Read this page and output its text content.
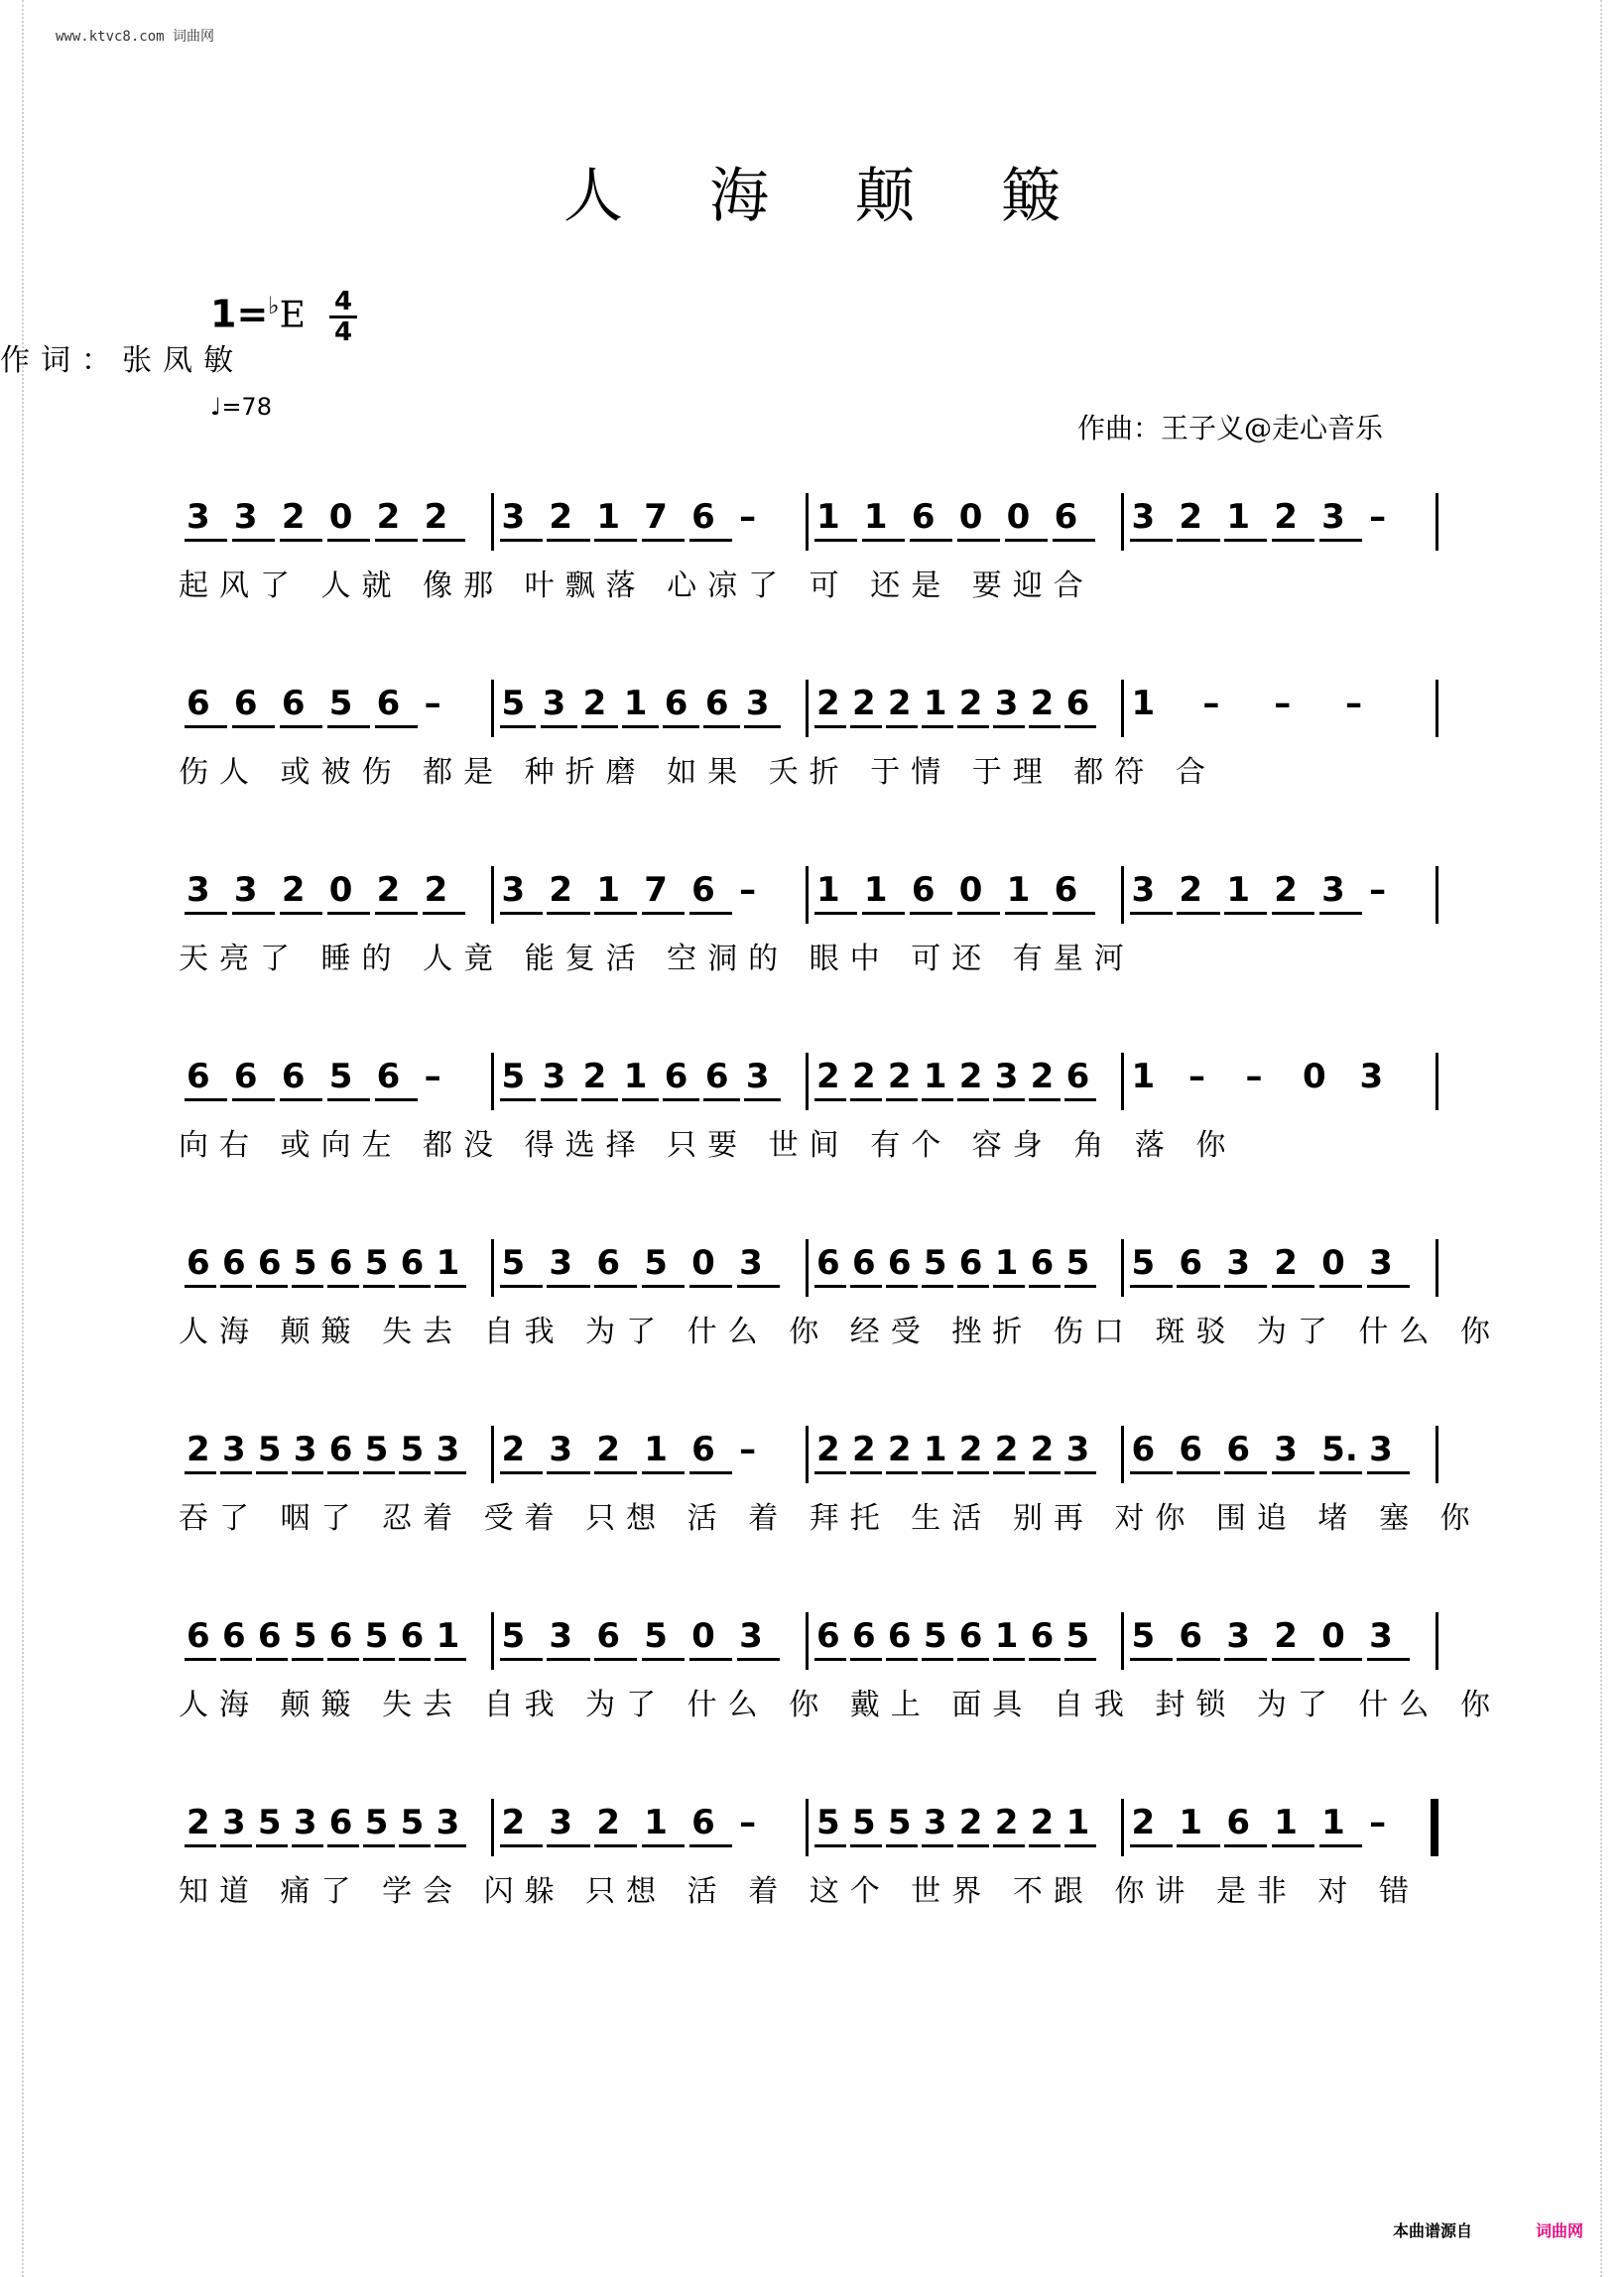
www.ktvc8.com 词曲网
人 海 颠 簸
1=♭E 4
4
♩=78
作词：张凤敏
作曲：王子义@走心音乐
3 3 2 0 2 2 3 2 1 7 6 – 1 1 6 0 0 6 3 2 1 2 3 –
起风了 人就 像那 叶飘落 心凉了 可 还是 要迎合
6 6 6 5 6 – 5 3 2 1 6 6 3 2 2 2 1 2 3 2 6 1 – – –
伤人 或被伤 都是 种折磨 如果 夭折 于情 于理 都符 合
3 3 2 0 2 2 3 2 1 7 6 – 1 1 6 0 1 6 3 2 1 2 3 –
天亮了 睡的 人竟 能复活 空洞的 眼中 可还 有星河
6 6 6 5 6 – 5 3 2 1 6 6 3 2 2 2 1 2 3 2 6 1 – – 0 3
向右 或向左 都没 得选择 只要 世间 有个 容身 角 落 你
6 6 6 5 6 5 6 1 5 3 6 5 0 3 6 6 6 5 6 1 6 5 5 6 3 2 0 3
人海 颠簸 失去 自我 为了 什么 你 经受 挫折 伤口 斑驳 为了 什么 你
2 3 5 3 6 5 5 3 2 3 2 1 6 – 2 2 2 1 2 2 2 3 6 6 6 3 5. 3
吞了 咽了 忍着 受着 只想 活 着 拜托 生活 别再 对你 围追 堵 塞 你
6 6 6 5 6 5 6 1 5 3 6 5 0 3 6 6 6 5 6 1 6 5 5 6 3 2 0 3
人海 颠簸 失去 自我 为了 什么 你 戴上 面具 自我 封锁 为了 什么 你
2 3 5 3 6 5 5 3 2 3 2 1 6 – 5 5 5 3 2 2 2 1 2 1 6 1 1 –
知道 痛了 学会 闪躲 只想 活 着 这个 世界 不跟 你讲 是非 对 错
本曲谱源自	词曲网
